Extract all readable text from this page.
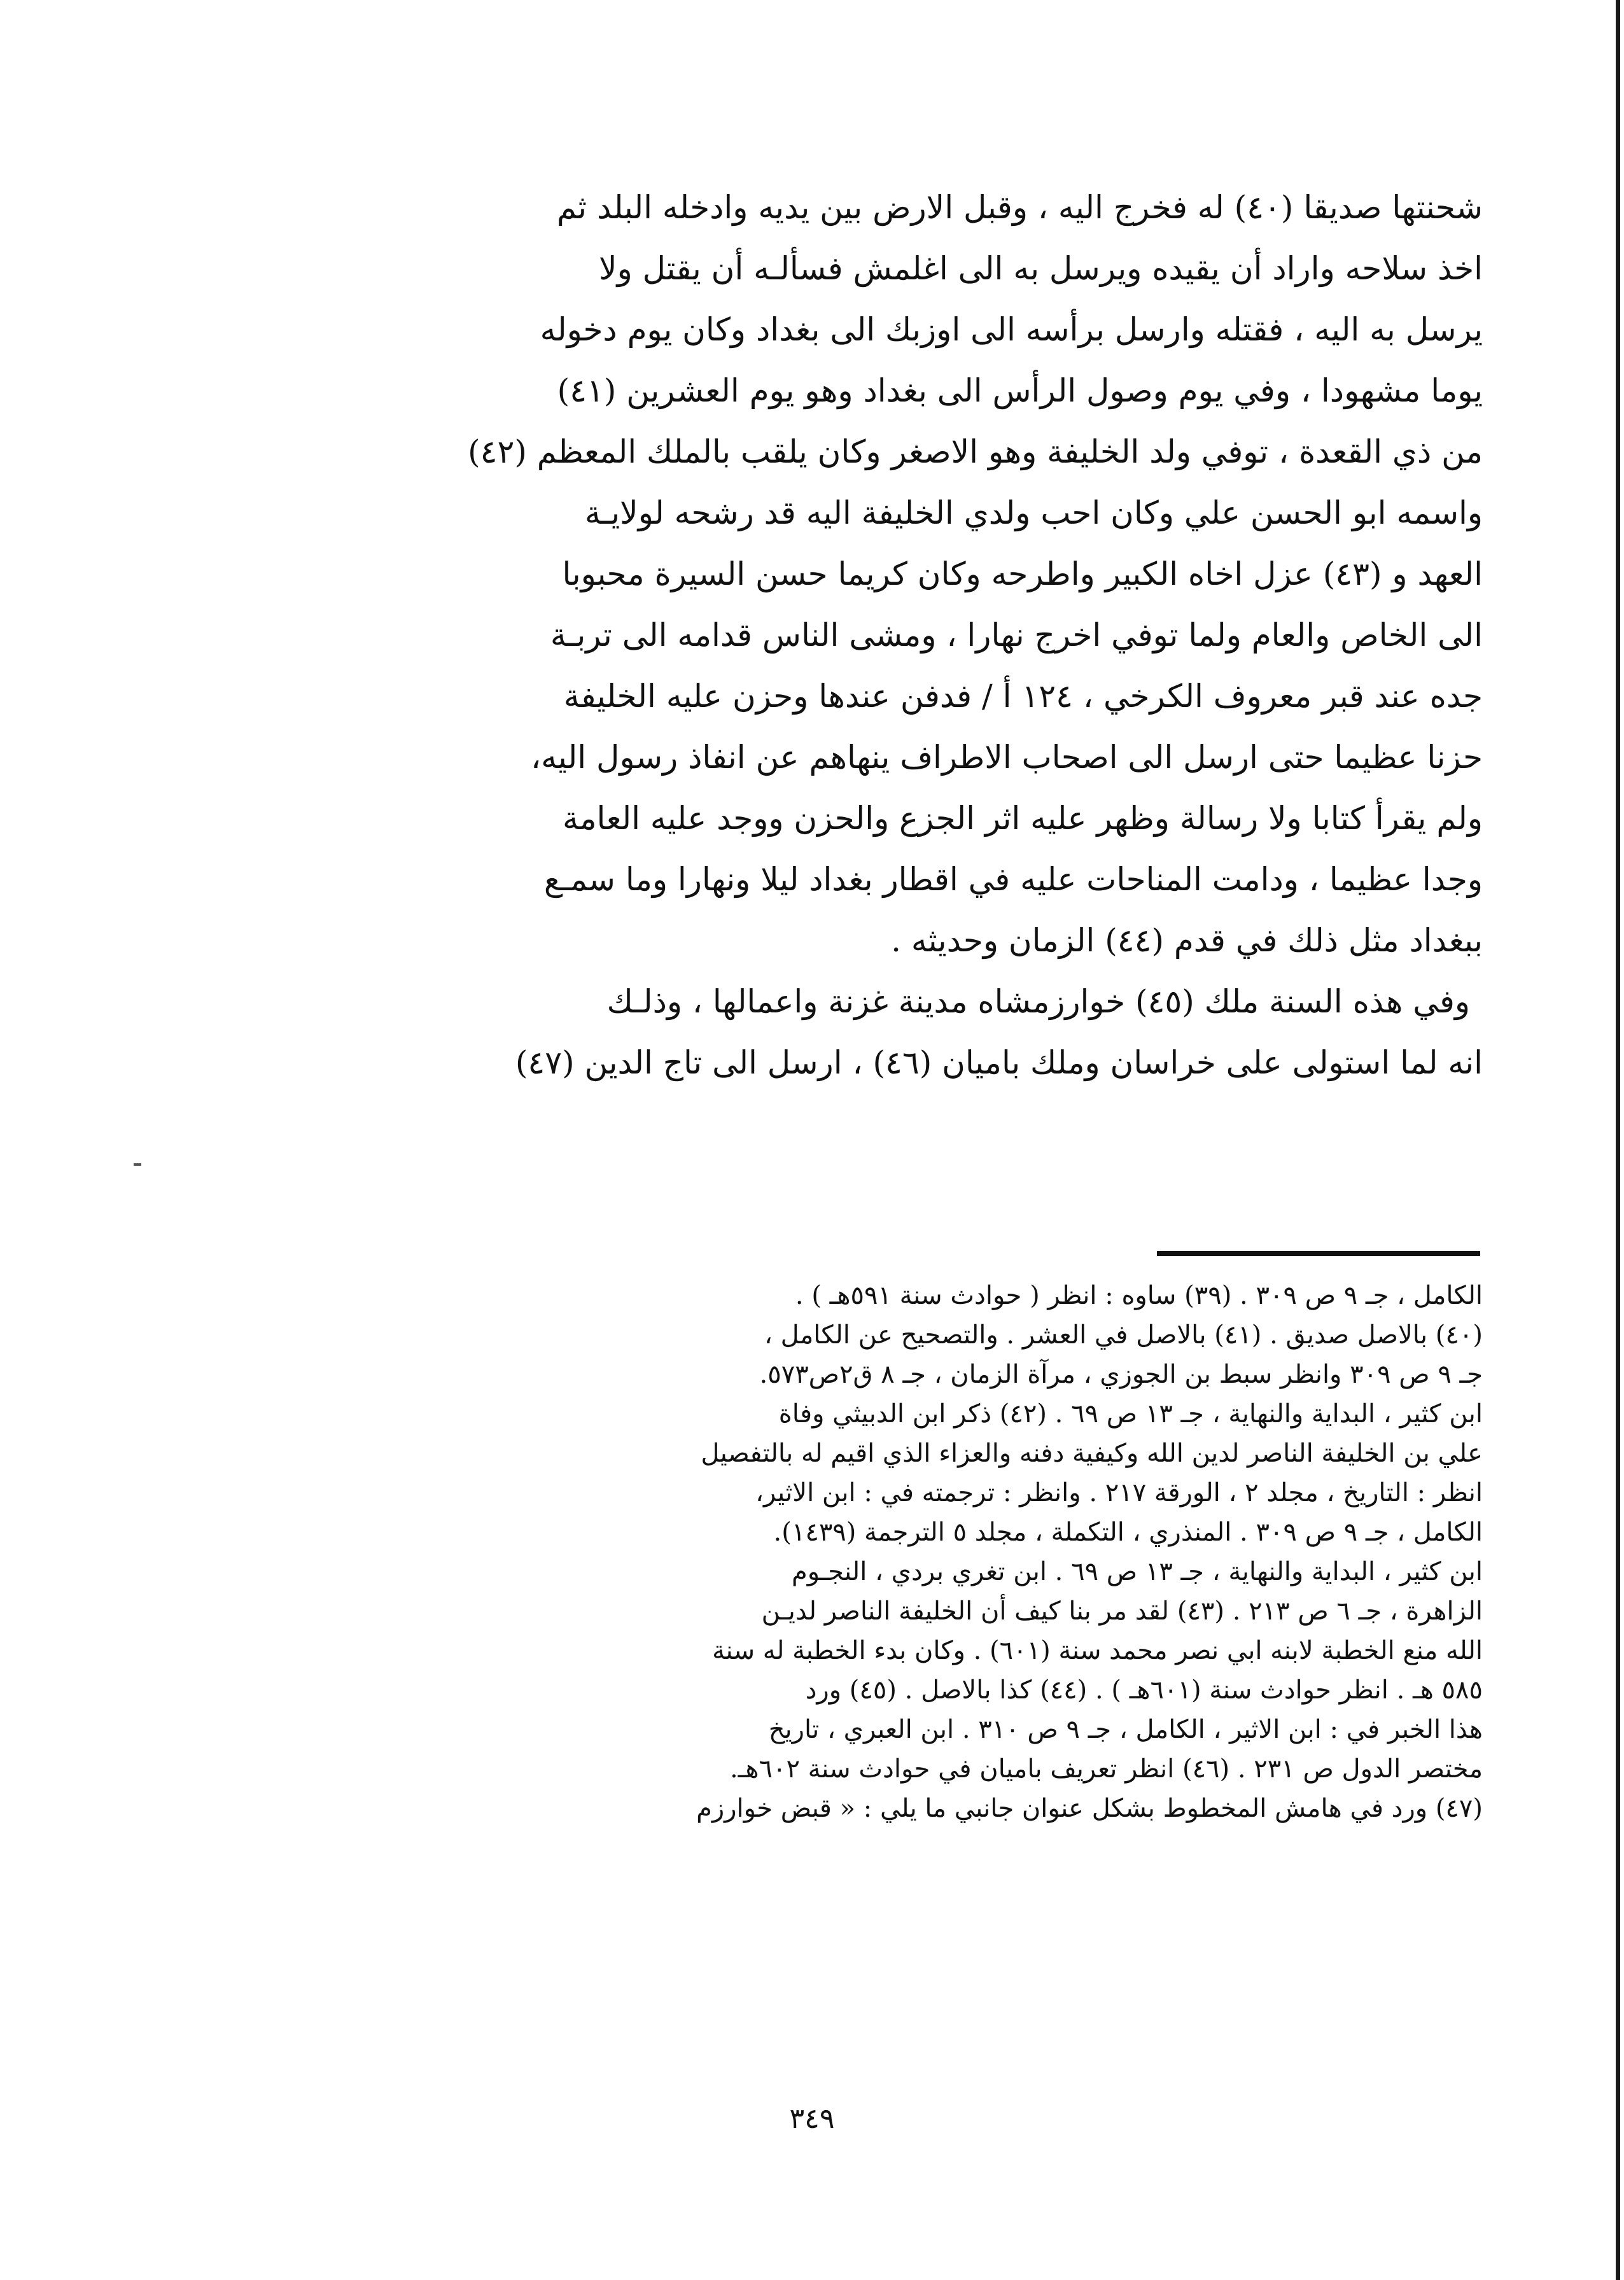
شحنتها صديقا (٤٠) له فخرج اليه ، وقبل الارض بين يديه وادخله البلد ثم
اخذ سلاحه واراد أن يقيده ويرسل به الى اغلمش فسألـه أن يقتل ولا
يرسل به اليه ، فقتله وارسل برأسه الى اوزبك الى بغداد وكان يوم دخوله
يوما مشهودا ، وفي يوم وصول الرأس الى بغداد وهو يوم العشرين (٤١)
من ذي القعدة ، توفي ولد الخليفة وهو الاصغر وكان يلقب بالملك المعظم (٤٢)
واسمه ابو الحسن علي وكان احب ولدي الخليفة اليه قد رشحه لولايـة
العهد و (٤٣) عزل اخاه الكبير واطرحه وكان كريما حسن السيرة محبوبا
الى الخاص والعام ولما توفي اخرج نهارا ، ومشى الناس قدامه الى تربـة
جده عند قبر معروف الكرخي ، ١٢٤ أ / فدفن عندها وحزن عليه الخليفة
حزنا عظيما حتى ارسل الى اصحاب الاطراف ينهاهم عن انفاذ رسول اليه،
ولم يقرأ كتابا ولا رسالة وظهر عليه اثر الجزع والحزن ووجد عليه العامة
وجدا عظيما ، ودامت المناحات عليه في اقطار بغداد ليلا ونهارا وما سمـع
ببغداد مثل ذلك في قدم (٤٤) الزمان وحديثه .
وفي هذه السنة ملك (٤٥) خوارزمشاه مدينة غزنة واعمالها ، وذلـك
انه لما استولى على خراسان وملك باميان (٤٦) ، ارسل الى تاج الدين (٤٧)
الكامل ، جـ ٩ ص ٣٠٩ . (٣٩) ساوه : انظر ( حوادث سنة ٥٩١هـ ) .
(٤٠) بالاصل صديق . (٤١) بالاصل في العشر . والتصحيح عن الكامل ،
جـ ٩ ص ٣٠٩ وانظر سبط بن الجوزي ، مرآة الزمان ، جـ ٨ ق٢ص٥٧٣.
ابن كثير ، البداية والنهاية ، جـ ١٣ ص ٦٩ . (٤٢) ذكر ابن الدبيثي وفاة
علي بن الخليفة الناصر لدين الله وكيفية دفنه والعزاء الذي اقيم له بالتفصيل
انظر : التاريخ ، مجلد ٢ ، الورقة ٢١٧ . وانظر : ترجمته في : ابن الاثير،
الكامل ، جـ ٩ ص ٣٠٩ . المنذري ، التكملة ، مجلد ٥ الترجمة (١٤٣٩).
ابن كثير ، البداية والنهاية ، جـ ١٣ ص ٦٩ . ابن تغري بردي ، النجـوم
الزاهرة ، جـ ٦ ص ٢١٣ . (٤٣) لقد مر بنا كيف أن الخليفة الناصر لديـن
الله منع الخطبة لابنه ابي نصر محمد سنة (٦٠١) . وكان بدء الخطبة له سنة
٥٨٥ هـ . انظر حوادث سنة (٦٠١هـ ) . (٤٤) كذا بالاصل . (٤٥) ورد
هذا الخبر في : ابن الاثير ، الكامل ، جـ ٩ ص ٣١٠ . ابن العبري ، تاريخ
مختصر الدول ص ٢٣١ . (٤٦) انظر تعريف باميان في حوادث سنة ٦٠٢هـ.
(٤٧) ورد في هامش المخطوط بشكل عنوان جانبي ما يلي : « قبض خوارزم
٣٤٩
